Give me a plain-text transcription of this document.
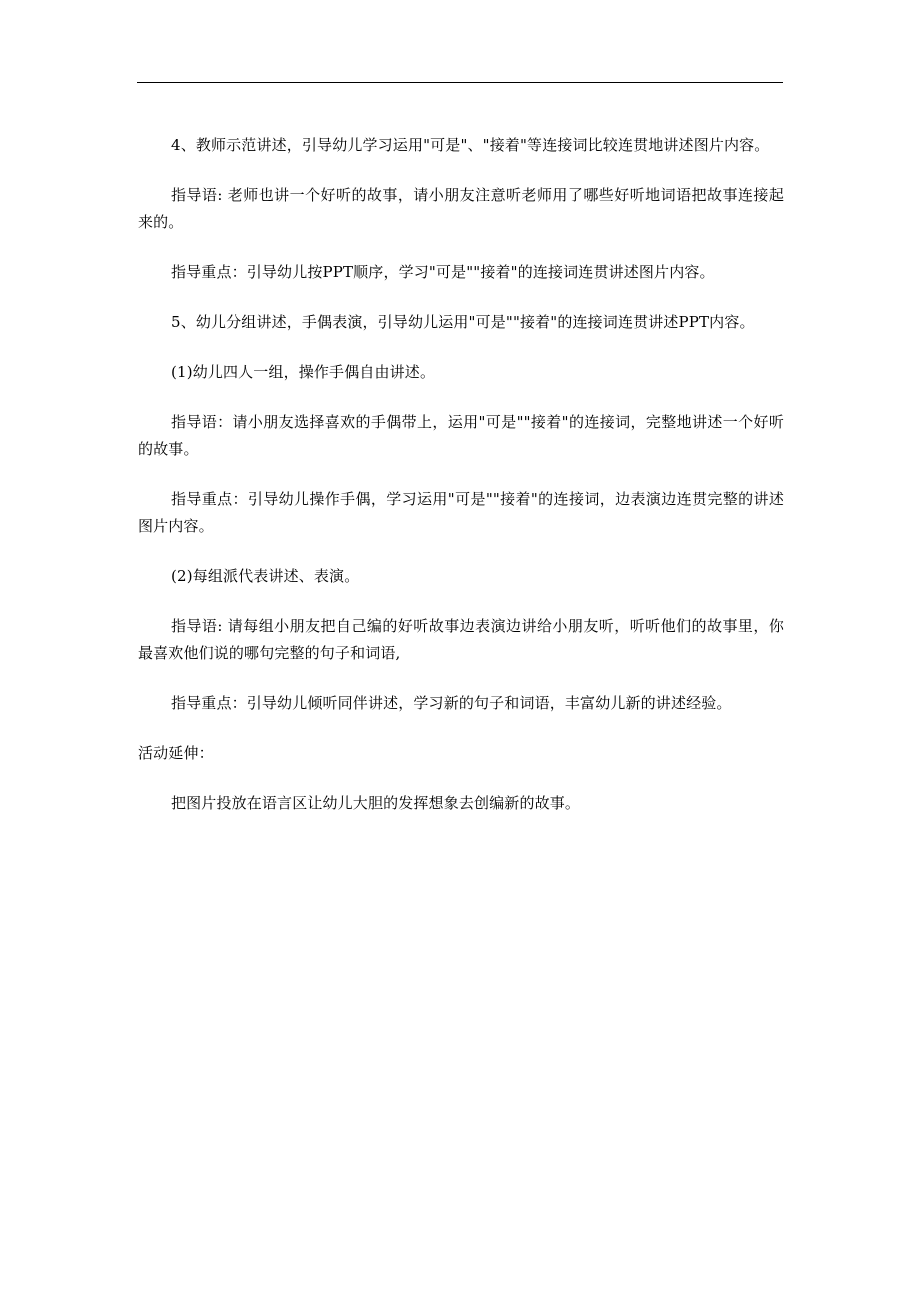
4、教师示范讲述，引导幼儿学习运用"可是"、"接着"等连接词比较连贯地讲述图片内容。

指导语: 老师也讲一个好听的故事，请小朋友注意听老师用了哪些好听地词语把故事连接起来的。

指导重点：引导幼儿按PPT顺序，学习"可是""接着"的连接词连贯讲述图片内容。

5、幼儿分组讲述，手偶表演，引导幼儿运用"可是""接着"的连接词连贯讲述PPT内容。

(1)幼儿四人一组，操作手偶自由讲述。

指导语：请小朋友选择喜欢的手偶带上，运用"可是""接着"的连接词，完整地讲述一个好听的故事。

指导重点：引导幼儿操作手偶，学习运用"可是""接着"的连接词，边表演边连贯完整的讲述图片内容。

(2)每组派代表讲述、表演。

指导语: 请每组小朋友把自己编的好听故事边表演边讲给小朋友听，听听他们的故事里，你最喜欢他们说的哪句完整的句子和词语,

指导重点：引导幼儿倾听同伴讲述，学习新的句子和词语，丰富幼儿新的讲述经验。

活动延伸：

把图片投放在语言区让幼儿大胆的发挥想象去创编新的故事。
